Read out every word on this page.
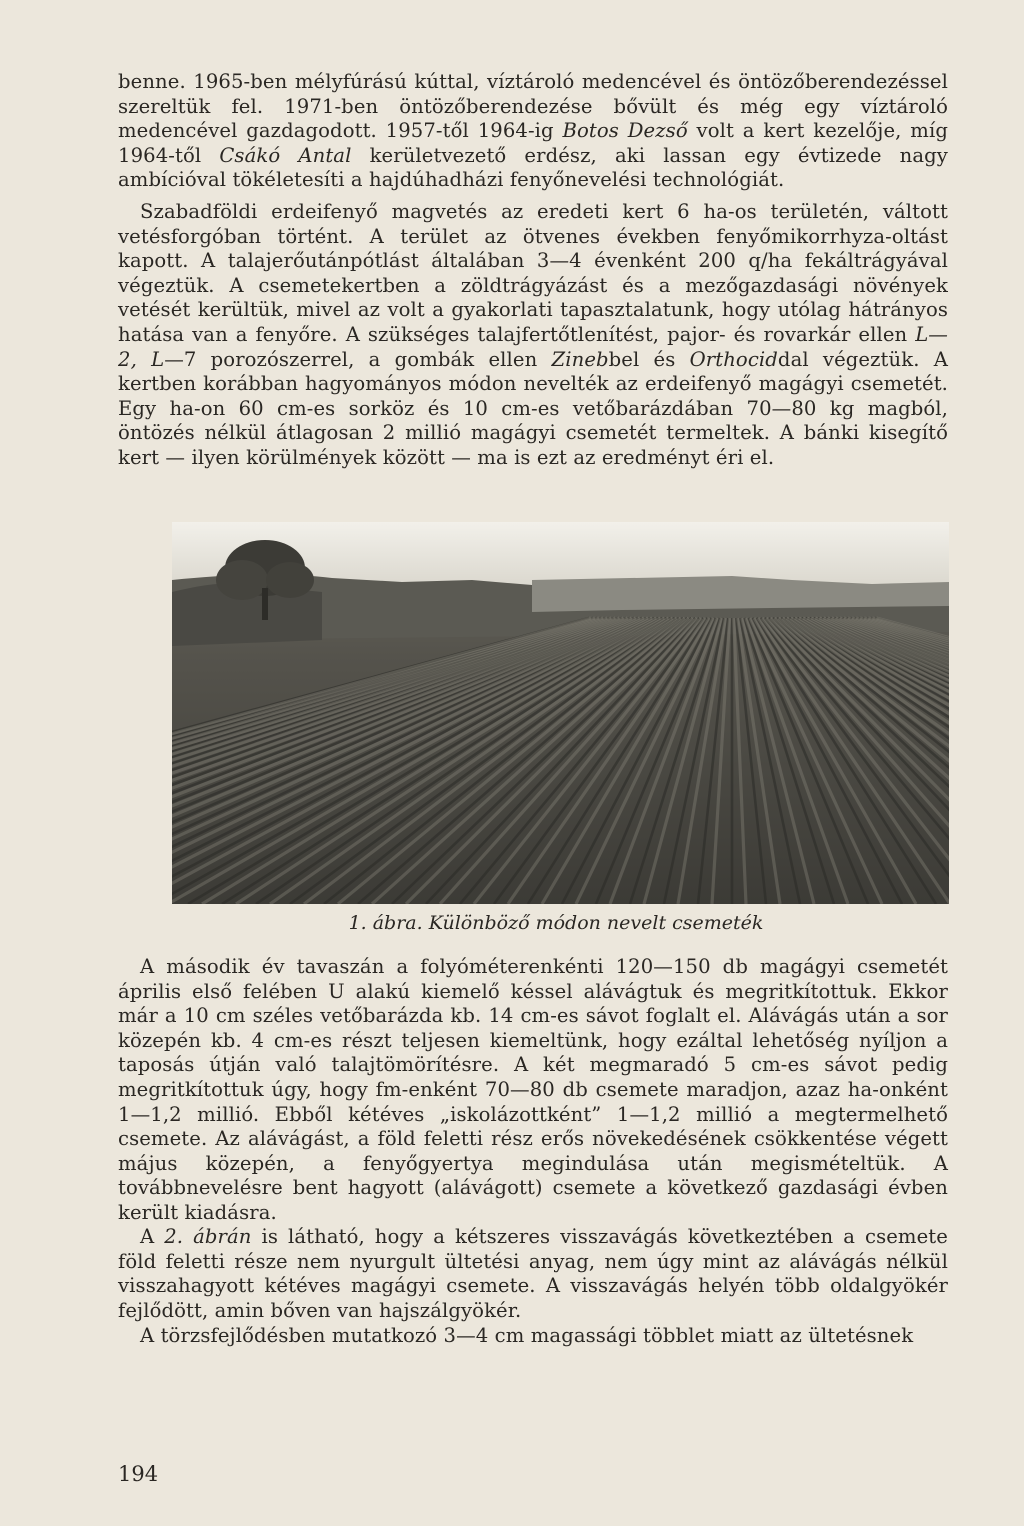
benne. 1965-ben mélyfúrású kúttal, víztároló medencével és öntözőberendezéssel szereltük fel. 1971-ben öntözőberendezése bővült és még egy víztároló medencével gazdagodott. 1957-től 1964-ig Botos Dezső volt a kert kezelője, míg 1964-től Csákó Antal kerületvezető erdész, aki lassan egy évtizede nagy ambícióval tökéletesíti a hajdúhadházi fenyőnevelési technológiát.

Szabadföldi erdeifenyő magvetés az eredeti kert 6 ha-os területén, váltott vetésforgóban történt. A terület az ötvenes években fenyőmikorrhyza-oltást kapott. A talajerőutánpótlást általában 3—4 évenként 200 q/ha fekáltrágyával végeztük. A csemetekertben a zöldtrágyázást és a mezőgazdasági növények vetését kerültük, mivel az volt a gyakorlati tapasztalatunk, hogy utólag hátrányos hatása van a fenyőre. A szükséges talajfertőtlenítést, pajor- és rovarkár ellen L—2, L—7 porozószerrel, a gombák ellen Zinebbel és Orthociddal végeztük. A kertben korábban hagyományos módon nevelték az erdeifenyő magágyi csemetét. Egy ha-on 60 cm-es sorköz és 10 cm-es vetőbarázdában 70—80 kg magból, öntözés nélkül átlagosan 2 millió magágyi csemetét termeltek. A bánki kisegítő kert — ilyen körülmények között — ma is ezt az eredményt éri el.

1. ábra. Különböző módon nevelt csemeték

A második év tavaszán a folyóméterenkénti 120—150 db magágyi csemetét április első felében U alakú kiemelő késsel alávágtuk és megritkítottuk. Ekkor már a 10 cm széles vetőbarázda kb. 14 cm-es sávot foglalt el. Alávágás után a sor közepén kb. 4 cm-es részt teljesen kiemeltünk, hogy ezáltal lehetőség nyíljon a taposás útján való talajtömörítésre. A két megmaradó 5 cm-es sávot pedig megritkítottuk úgy, hogy fm-enként 70—80 db csemete maradjon, azaz ha-onként 1—1,2 millió. Ebből kétéves „iskolázottként” 1—1,2 millió a megtermelhető csemete. Az alávágást, a föld feletti rész erős növekedésének csökkentése végett május közepén, a fenyőgyertya megindulása után megismételtük. A továbbnevelésre bent hagyott (alávágott) csemete a következő gazdasági évben került kiadásra.

A 2. ábrán is látható, hogy a kétszeres visszavágás következtében a csemete föld feletti része nem nyurgult ültetési anyag, nem úgy mint az alávágás nélkül visszahagyott kétéves magágyi csemete. A visszavágás helyén több oldalgyökér fejlődött, amin bőven van hajszálgyökér.

A törzsfejlődésben mutatkozó 3—4 cm magassági többlet miatt az ültetésnek

194
